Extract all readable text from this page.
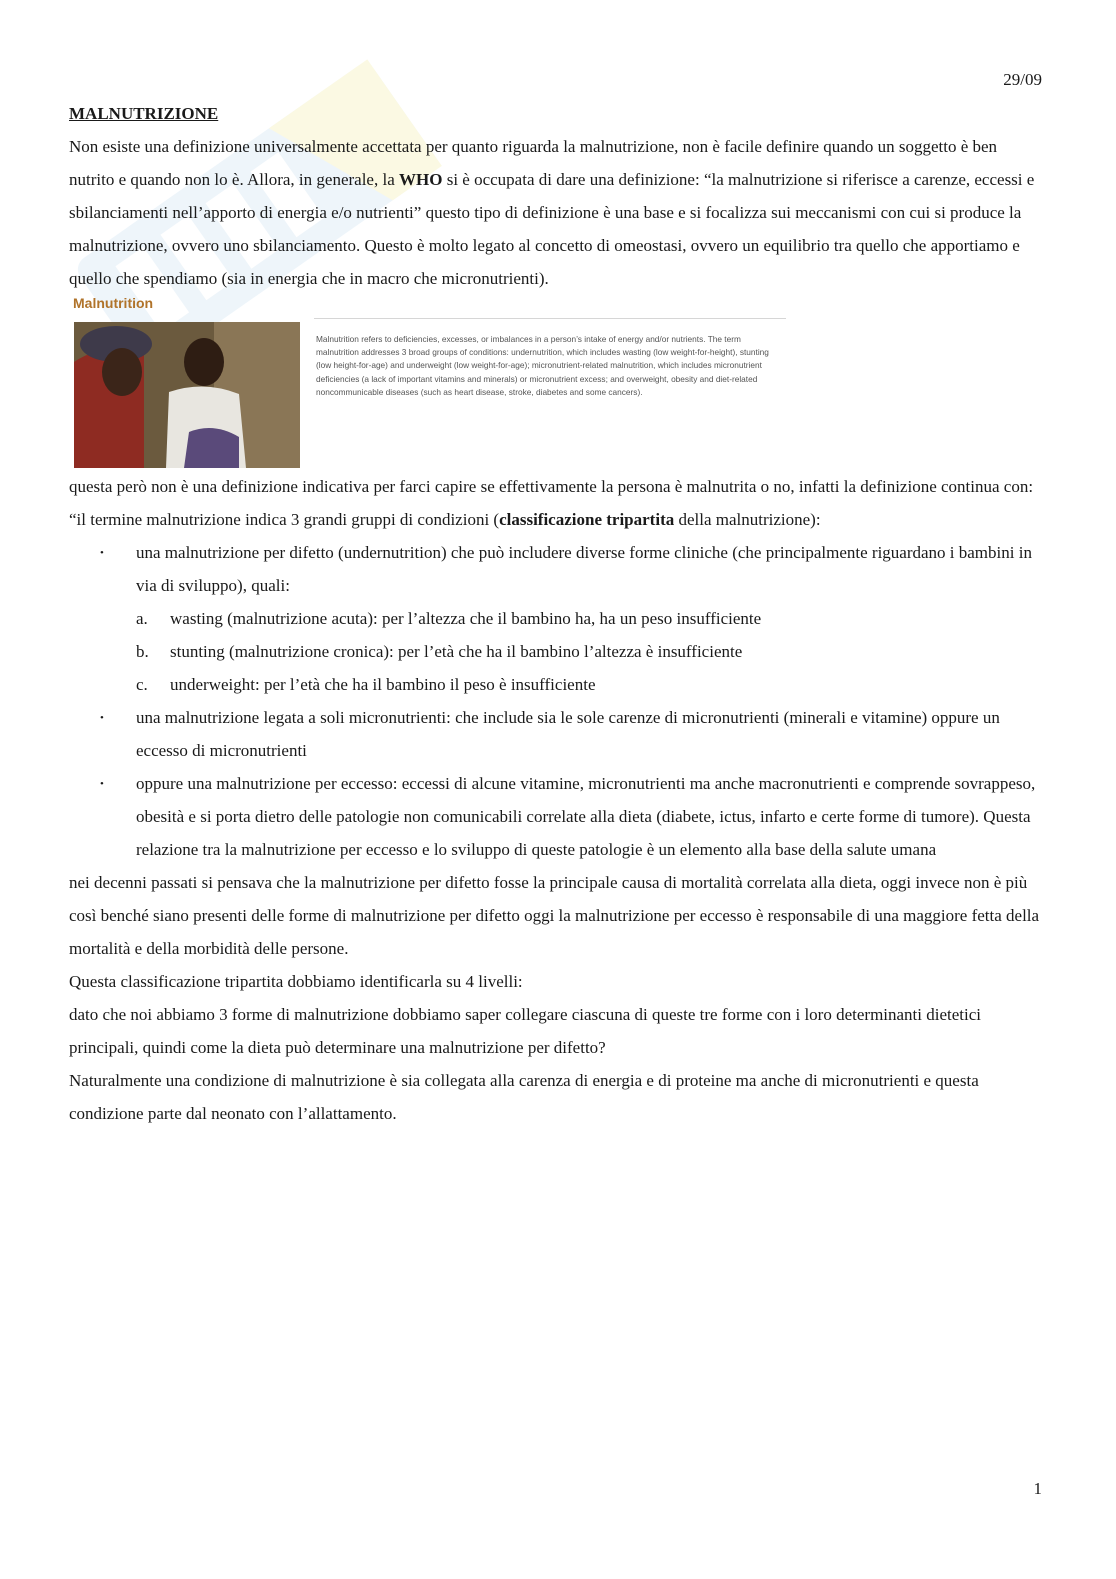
29/09

MALNUTRIZIONE

Non esiste una definizione universalmente accettata per quanto riguarda la malnutrizione, non è facile definire quando un soggetto è ben nutrito e quando non lo è. Allora, in generale, la WHO si è occupata di dare una definizione: “la malnutrizione si riferisce a carenze, eccessi e sbilanciamenti nell’apporto di energia e/o nutrienti” questo tipo di definizione è una base e si focalizza sui meccanismi con cui si produce la malnutrizione, ovvero uno sbilanciamento. Questo è molto legato al concetto di omeostasi, ovvero un equilibrio tra quello che apportiamo e quello che spendiamo (sia in energia che in macro che micronutrienti).

Malnutrition
Malnutrition refers to deficiencies, excesses, or imbalances in a person’s intake of energy and/or nutrients. The term malnutrition addresses 3 broad groups of conditions: undernutrition, which includes wasting (low weight-for-height), stunting (low height-for-age) and underweight (low weight-for-age); micronutrient-related malnutrition, which includes micronutrient deficiencies (a lack of important vitamins and minerals) or micronutrient excess; and overweight, obesity and diet-related noncommunicable diseases (such as heart disease, stroke, diabetes and some cancers).

questa però non è una definizione indicativa per farci capire se effettivamente la persona è malnutrita o no, infatti la definizione continua con: “il termine malnutrizione indica 3 grandi gruppi di condizioni (classificazione tripartita della malnutrizione):

• una malnutrizione per difetto (undernutrition) che può includere diverse forme cliniche (che principalmente riguardano i bambini in via di sviluppo), quali:
a. wasting (malnutrizione acuta): per l’altezza che il bambino ha, ha un peso insufficiente
b. stunting (malnutrizione cronica): per l’età che ha il bambino l’altezza è insufficiente
c. underweight: per l’età che ha il bambino il peso è insufficiente
• una malnutrizione legata a soli micronutrienti: che include sia le sole carenze di micronutrienti (minerali e vitamine) oppure un eccesso di micronutrienti
• oppure una malnutrizione per eccesso: eccessi di alcune vitamine, micronutrienti ma anche macronutrienti e comprende sovrappeso, obesità e si porta dietro delle patologie non comunicabili correlate alla dieta (diabete, ictus, infarto e certe forme di tumore). Questa relazione tra la malnutrizione per eccesso e lo sviluppo di queste patologie è un elemento alla base della salute umana

nei decenni passati si pensava che la malnutrizione per difetto fosse la principale causa di mortalità correlata alla dieta, oggi invece non è più così benché siano presenti delle forme di malnutrizione per difetto oggi la malnutrizione per eccesso è responsabile di una maggiore fetta della mortalità e della morbidità delle persone.

Questa classificazione tripartita dobbiamo identificarla su 4 livelli:

dato che noi abbiamo 3 forme di malnutrizione dobbiamo saper collegare ciascuna di queste tre forme con i loro determinanti dietetici principali, quindi come la dieta può determinare una malnutrizione per difetto?

Naturalmente una condizione di malnutrizione è sia collegata alla carenza di energia e di proteine ma anche di micronutrienti e questa condizione parte dal neonato con l’allattamento.

1
